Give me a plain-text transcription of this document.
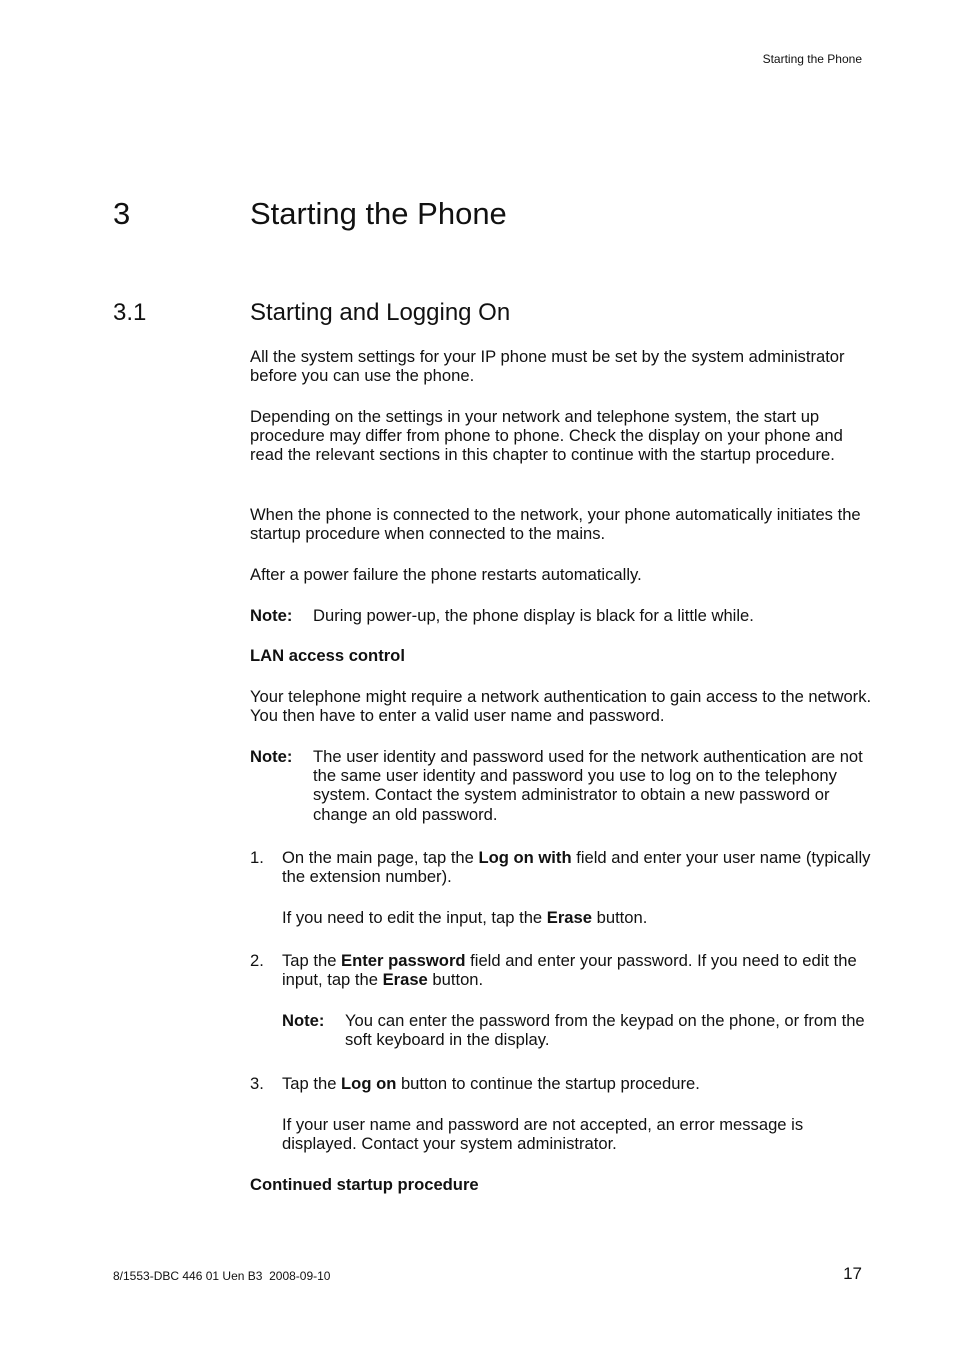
Starting the Phone
3	Starting the Phone
3.1	Starting and Logging On

All the system settings for your IP phone must be set by the system administrator before you can use the phone.

Depending on the settings in your network and telephone system, the start up procedure may differ from phone to phone. Check the display on your phone and read the relevant sections in this chapter to continue with the startup procedure.

When the phone is connected to the network, your phone automatically initiates the startup procedure when connected to the mains.

After a power failure the phone restarts automatically.

Note:	During power-up, the phone display is black for a little while.
LAN access control

Your telephone might require a network authentication to gain access to the network. You then have to enter a valid user name and password.

Note:	The user identity and password used for the network authentication are not the same user identity and password you use to log on to the telephony system. Contact the system administrator to obtain a new password or change an old password.
1.	On the main page, tap the Log on with field and enter your user name (typically the extension number).

If you need to edit the input, tap the Erase button.

2.	Tap the Enter password field and enter your password. If you need to edit the input, tap the Erase button.
Note:	You can enter the password from the keypad on the phone, or from the soft keyboard in the display.
3.	Tap the Log on button to continue the startup procedure.

If your user name and password are not accepted, an error message is displayed. Contact your system administrator.

Continued startup procedure
8/1553-DBC 446 01 Uen B3  2008-09-10	17
